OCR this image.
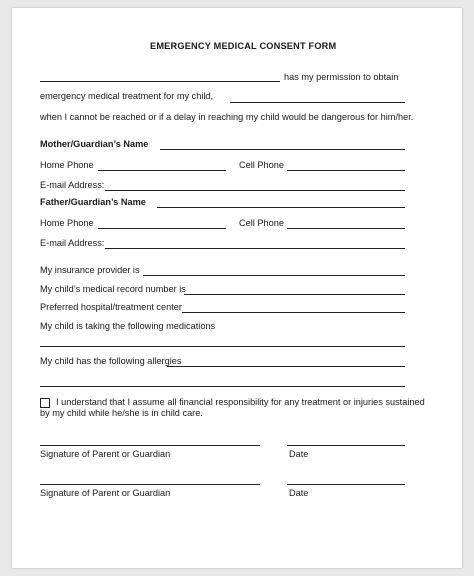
EMERGENCY MEDICAL CONSENT FORM
has my permission to obtain
emergency medical treatment for my child,
when I cannot be reached or if a delay in reaching my child would be dangerous for him/her.
Mother/Guardian’s Name
Home Phone	Cell Phone
E-mail Address:
Father/Guardian’s Name
Home Phone	Cell Phone
E-mail Address:
My insurance provider is
My child’s medical record number is
Preferred hospital/treatment center
My child is taking the following medications
My child has the following allergies
I understand that I assume all financial responsibility for any treatment or injuries sustained
by my child while he/she is in child care.
Signature of Parent or Guardian	Date
Signature of Parent or Guardian	Date
